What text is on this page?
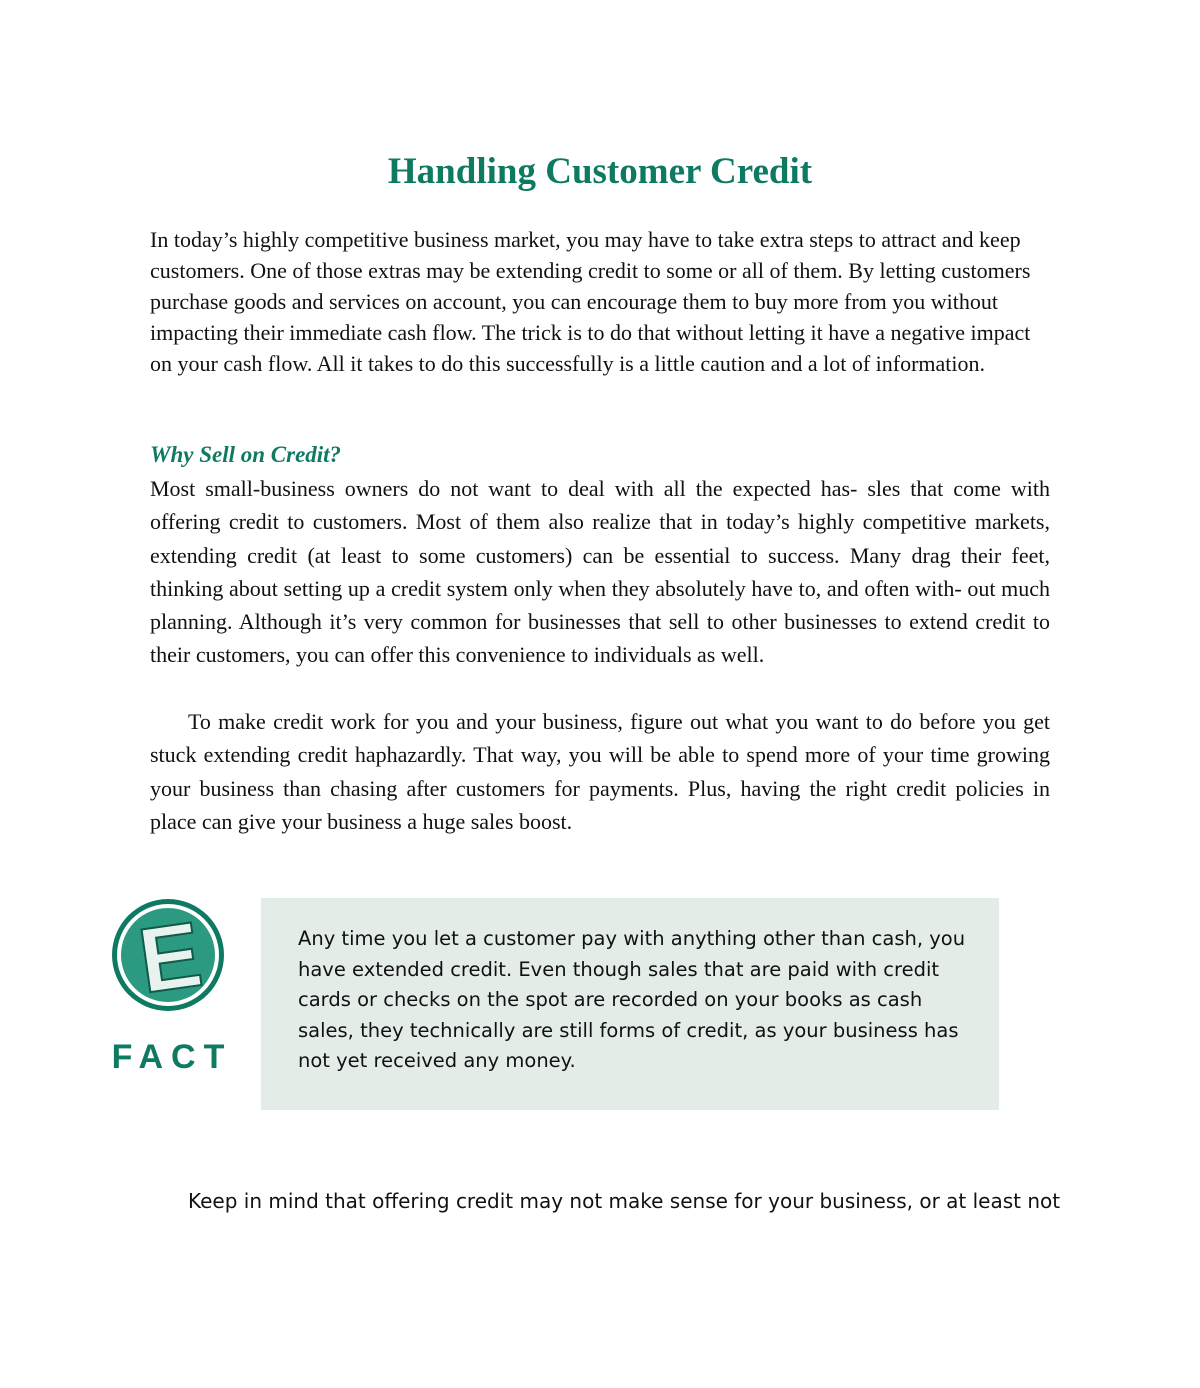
Handling Customer Credit

In today’s highly competitive business market, you may have to take extra steps to attract and keep customers. One of those extras may be extending credit to some or all of them. By letting customers purchase goods and services on account, you can encourage them to buy more from you without impacting their immediate cash flow. The trick is to do that without letting it have a negative impact on your cash flow. All it takes to do this successfully is a little caution and a lot of information.

Why Sell on Credit?

Most small-business owners do not want to deal with all the expected has- sles that come with offering credit to customers. Most of them also realize that in today’s highly competitive markets, extending credit (at least to some customers) can be essential to success. Many drag their feet, thinking about setting up a credit system only when they absolutely have to, and often with- out much planning. Although it’s very common for businesses that sell to other businesses to extend credit to their customers, you can offer this convenience to individuals as well.

To make credit work for you and your business, figure out what you want to do before you get stuck extending credit haphazardly. That way, you will be able to spend more of your time growing your business than chasing after customers for payments. Plus, having the right credit policies in place can give your business a huge sales boost.

E
FACT

Any time you let a customer pay with anything other than cash, you have extended credit. Even though sales that are paid with credit cards or checks on the spot are recorded on your books as cash sales, they technically are still forms of credit, as your business has not yet received any money.

Keep in mind that offering credit may not make sense for your business, or at least not
